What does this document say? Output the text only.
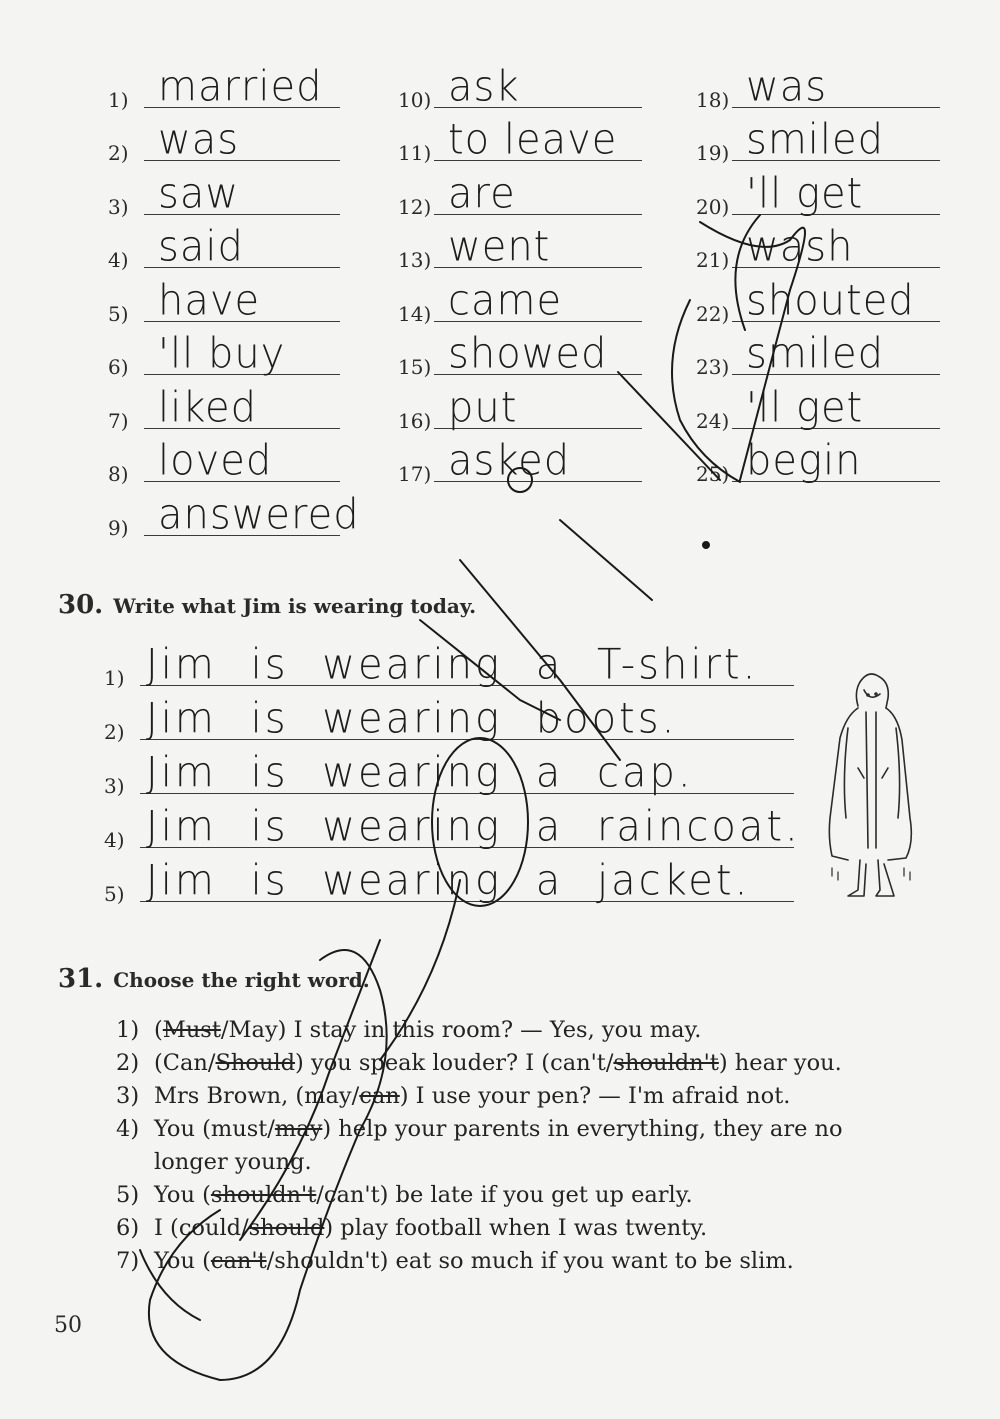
1) married
2) was
3) saw
4) said
5) have
6) 'll buy
7) liked
8) loved
9) answered
10) ask
11) to leave
12) are
13) went
14) came
15) showed
16) put
17) asked
18) was
19) smiled
20) 'll get
21) wash
22) shouted
23) smiled
24) 'll get
25) begin
30. Write what Jim is wearing today.
1) Jim is wearing a T-shirt.
2) Jim is wearing boots.
3) Jim is wearing a cap.
4) Jim is wearing a raincoat.
5) Jim is wearing a jacket.
31. Choose the right word.
1) (Must/May) I stay in this room? — Yes, you may.
2) (Can/Should) you speak louder? I (can't/shouldn't) hear you.
3) Mrs Brown, (may/can) I use your pen? — I'm afraid not.
4) You (must/may) help your parents in everything, they are no
longer young.
5) You (shouldn't/can't) be late if you get up early.
6) I (could/should) play football when I was twenty.
7) You (can't/shouldn't) eat so much if you want to be slim.
50
